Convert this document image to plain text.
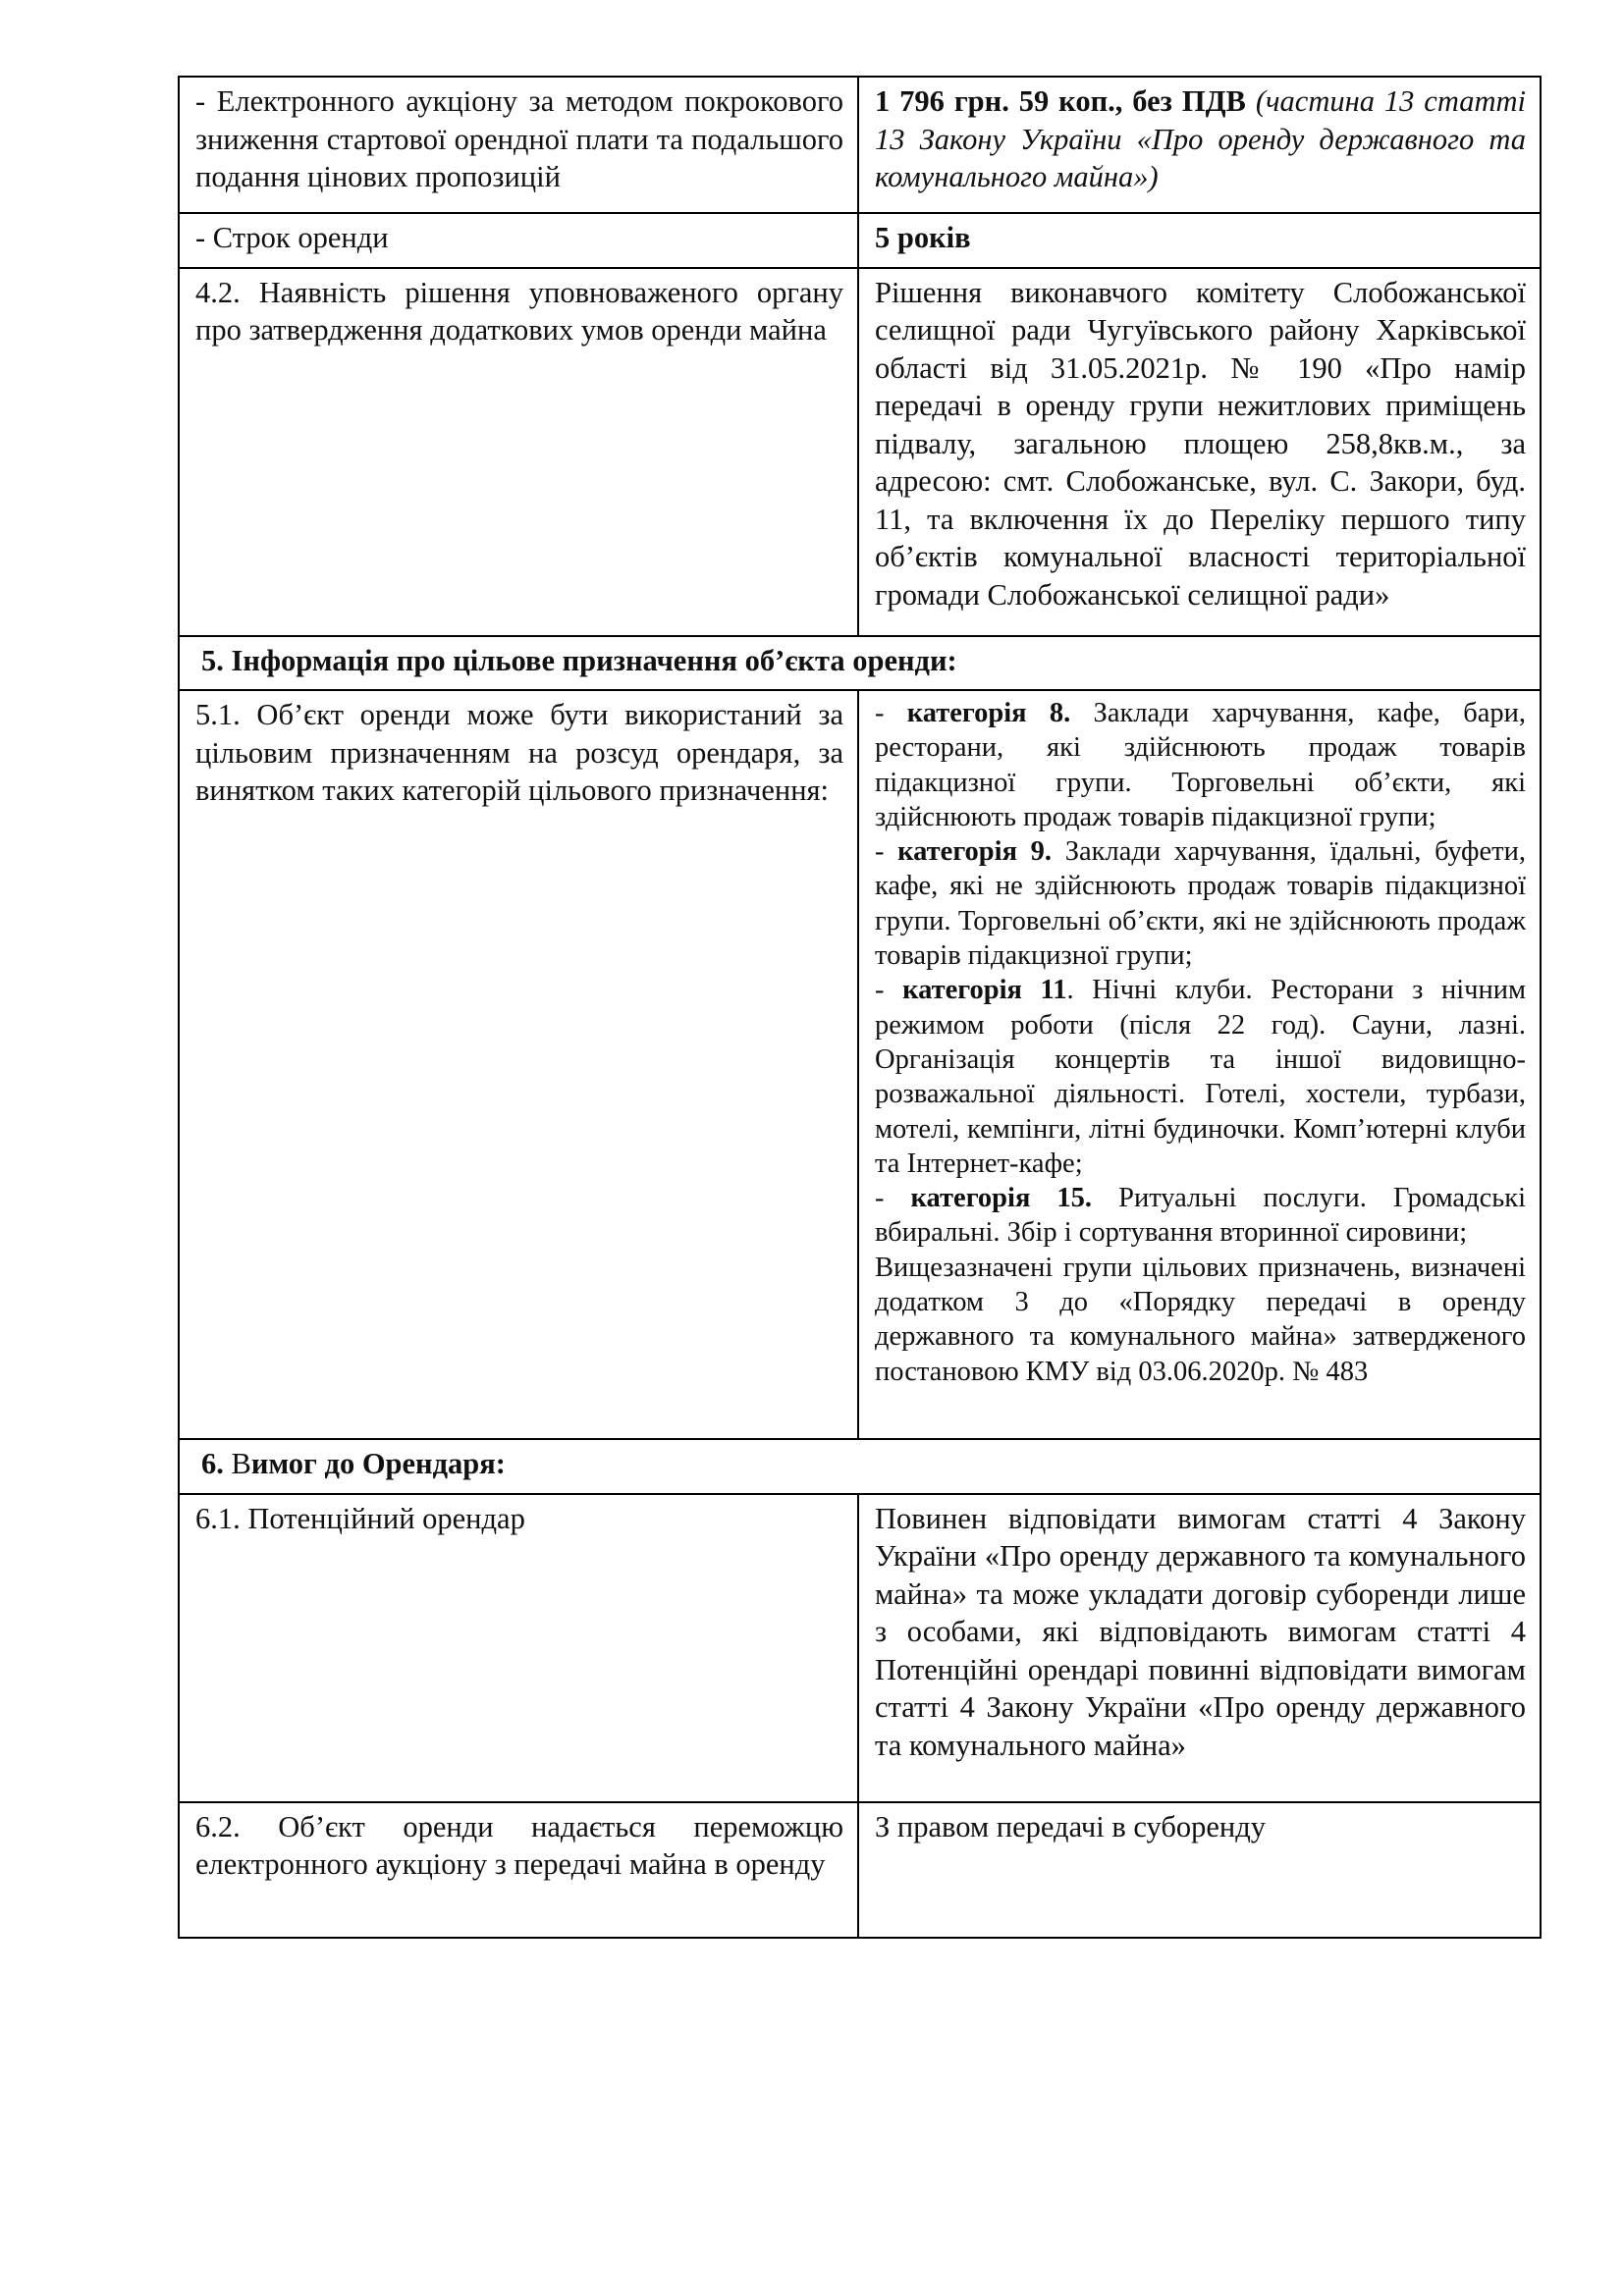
- Електронного аукціону за методом покрокового зниження стартової орендної плати та подальшого подання цінових пропозицій	1 796 грн. 59 коп., без ПДВ (частина 13 статті 13 Закону України «Про оренду державного та комунального майна»)
- Строк оренди	5 років
4.2. Наявність рішення уповноваженого органу про затвердження додаткових умов оренди майна	Рішення виконавчого комітету Слобожанської селищної ради Чугуївського району Харківської області від 31.05.2021р. № 190 «Про намір передачі в оренду групи нежитлових приміщень підвалу, загальною площею 258,8кв.м., за адресою: смт. Слобожанське, вул. С. Закори, буд. 11, та включення їх до Переліку першого типу об’єктів комунальної власності територіальної громади Слобожанської селищної ради»
5. Інформація про цільове призначення об’єкта оренди:	
5.1. Об’єкт оренди може бути використаний за цільовим призначенням на розсуд орендаря, за винятком таких категорій цільового призначення:	- категорія 8. Заклади харчування, кафе, бари, ресторани, які здійснюють продаж товарів підакцизної групи. Торговельні об’єкти, які здійснюють продаж товарів підакцизної групи;
- категорія 9. Заклади харчування, їдальні, буфети, кафе, які не здійснюють продаж товарів підакцизної групи. Торговельні об’єкти, які не здійснюють продаж товарів підакцизної групи;
- категорія 11. Нічні клуби. Ресторани з нічним режимом роботи (після 22 год). Сауни, лазні. Організація концертів та іншої видовищно-розважальної діяльності. Готелі, хостели, турбази, мотелі, кемпінги, літні будиночки. Комп’ютерні клуби та Інтернет-кафе;
- категорія 15. Ритуальні послуги. Громадські вбиральні. Збір і сортування вторинної сировини;
Вищезазначені групи цільових призначень, визначені додатком 3 до «Порядку передачі в оренду державного та комунального майна» затвердженого постановою КМУ від 03.06.2020р. № 483

6. Вимог до Орендаря:	
6.1. Потенційний орендар	Повинен відповідати вимогам статті 4 Закону України «Про оренду державного та комунального майна» та може укладати договір суборенди лише з особами, які відповідають вимогам статті 4 Потенційні орендарі повинні відповідати вимогам статті 4 Закону України «Про оренду державного та комунального майна»
6.2. Об’єкт оренди надається переможцю електронного аукціону з передачі майна в оренду	З правом передачі в суборенду
